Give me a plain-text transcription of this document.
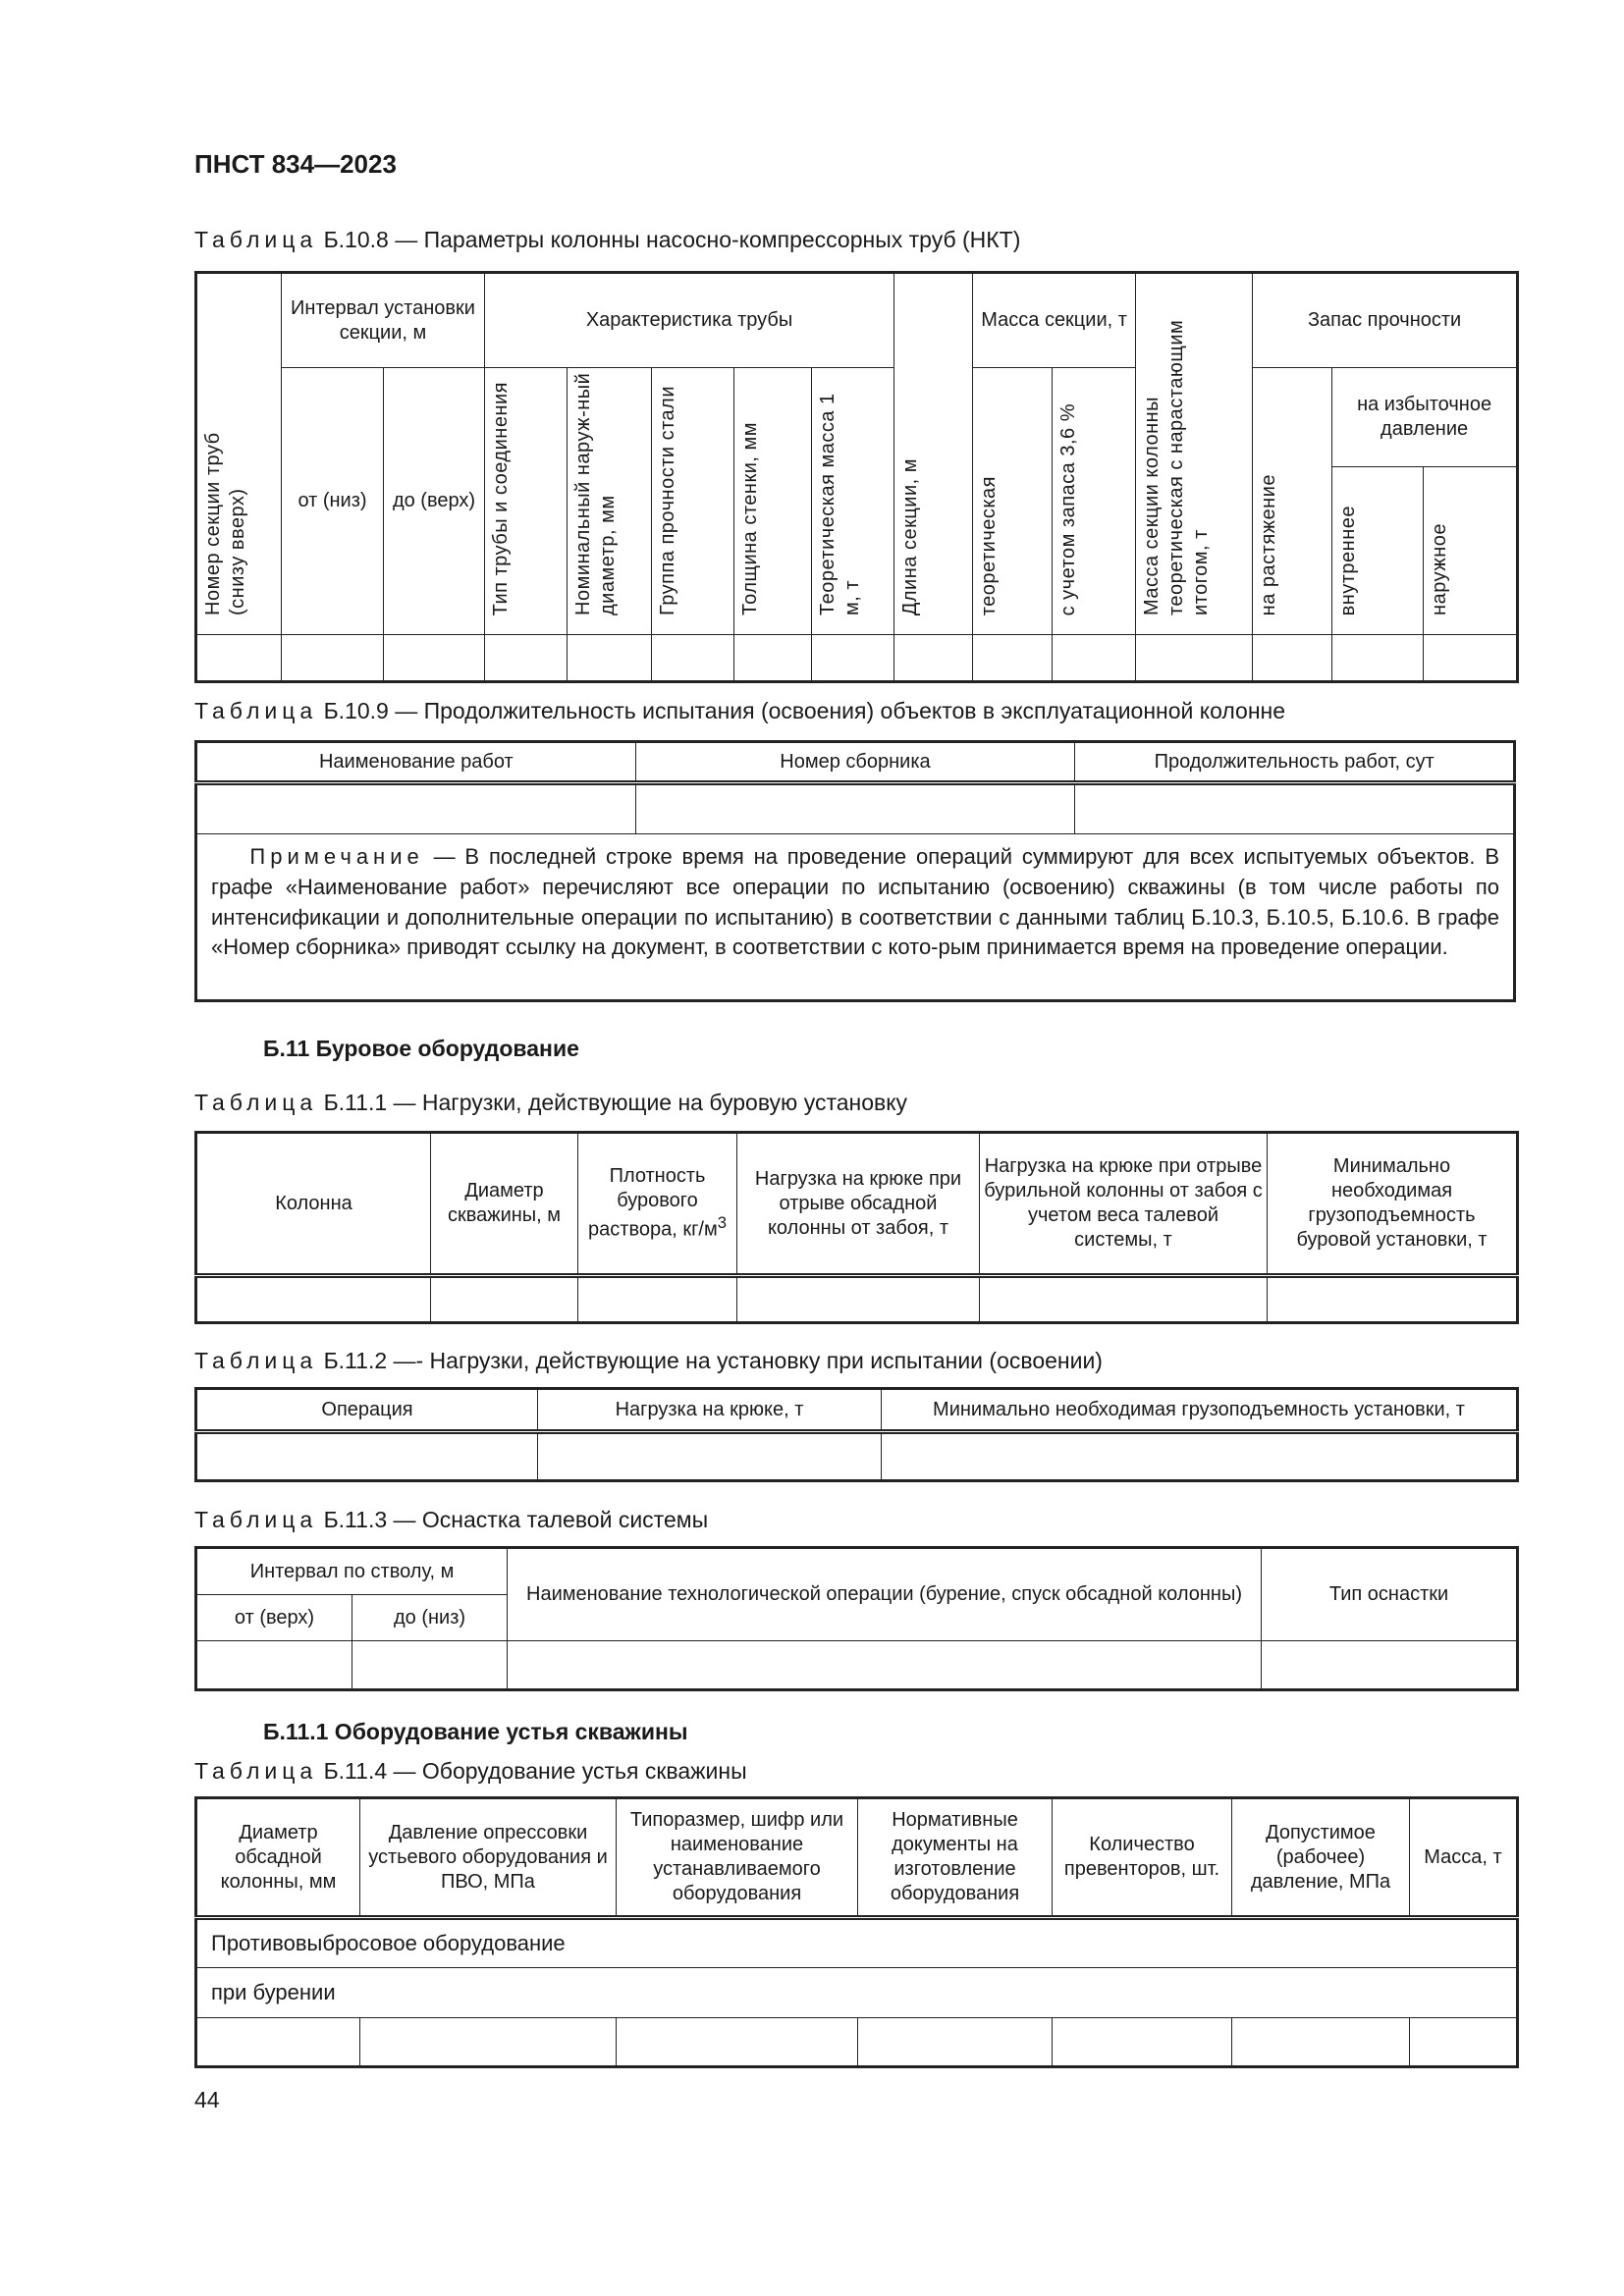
ПНСТ 834—2023
Таблица Б.10.8 — Параметры колонны насосно-компрессорных труб (НКТ)
Номер секции труб (снизу вверх)	Интервал установки секции, м		Характеристика трубы					Длина секции, м	Масса секции, т		Масса секции колонны теоретическая с нарастающим итогом, т	Запас прочности		
	от (низ)	до (верх)	Тип трубы и соединения	Номинальный наруж-ный диаметр, мм	Группа прочности стали	Толщина стенки, мм	Теоретическая масса 1 м, т		теоретическая	с учетом запаса 3,6 %		на растяжение	на избыточное давление	
													внутреннее	наружное

Таблица Б.10.9 — Продолжительность испытания (освоения) объектов в эксплуатационной колонне
Наименование работ	Номер сборника	Продолжительность работ, сут

Примечание — В последней строке время на проведение операций суммируют для всех испытуемых объектов. В графе «Наименование работ» перечисляют все операции по испытанию (освоению) скважины (в том числе работы по интенсификации и дополнительные операции по испытанию) в соответствии с данными таблиц Б.10.3, Б.10.5, Б.10.6. В графе «Номер сборника» приводят ссылку на документ, в соответствии с кото-рым принимается время на проведение операции.		
Б.11 Буровое оборудование
Таблица Б.11.1 — Нагрузки, действующие на буровую установку
Колонна	Диаметр скважины, м	Плотность бурового раствора, $кг/м^3$	Нагрузка на крюке при отрыве обсадной колонны от забоя, т	Нагрузка на крюке при отрыве бурильной колонны от забоя с учетом веса талевой системы, т	Минимально необходимая грузоподъемность буровой установки, т

Таблица Б.11.2 —- Нагрузки, действующие на установку при испытании (освоении)
Операция	Нагрузка на крюке, т	Минимально необходимая грузоподъемность установки, т

Таблица Б.11.3 — Оснастка талевой системы
Интервал по стволу, м		Наименование технологической операции (бурение, спуск обсадной колонны)	Тип оснастки
от (верх)	до (низ)		

Б.11.1 Оборудование устья скважины
Таблица Б.11.4 — Оборудование устья скважины
Диаметр обсадной колонны, мм	Давление опрессовки устьевого оборудования и ПВО, МПа	Типоразмер, шифр или наименование устанавливаемого оборудования	Нормативные документы на изготовление оборудования	Количество превенторов, шт.	Допустимое (рабочее) давление, МПа	Масса, т
Противовыбросовое оборудование						
при бурении						

44
